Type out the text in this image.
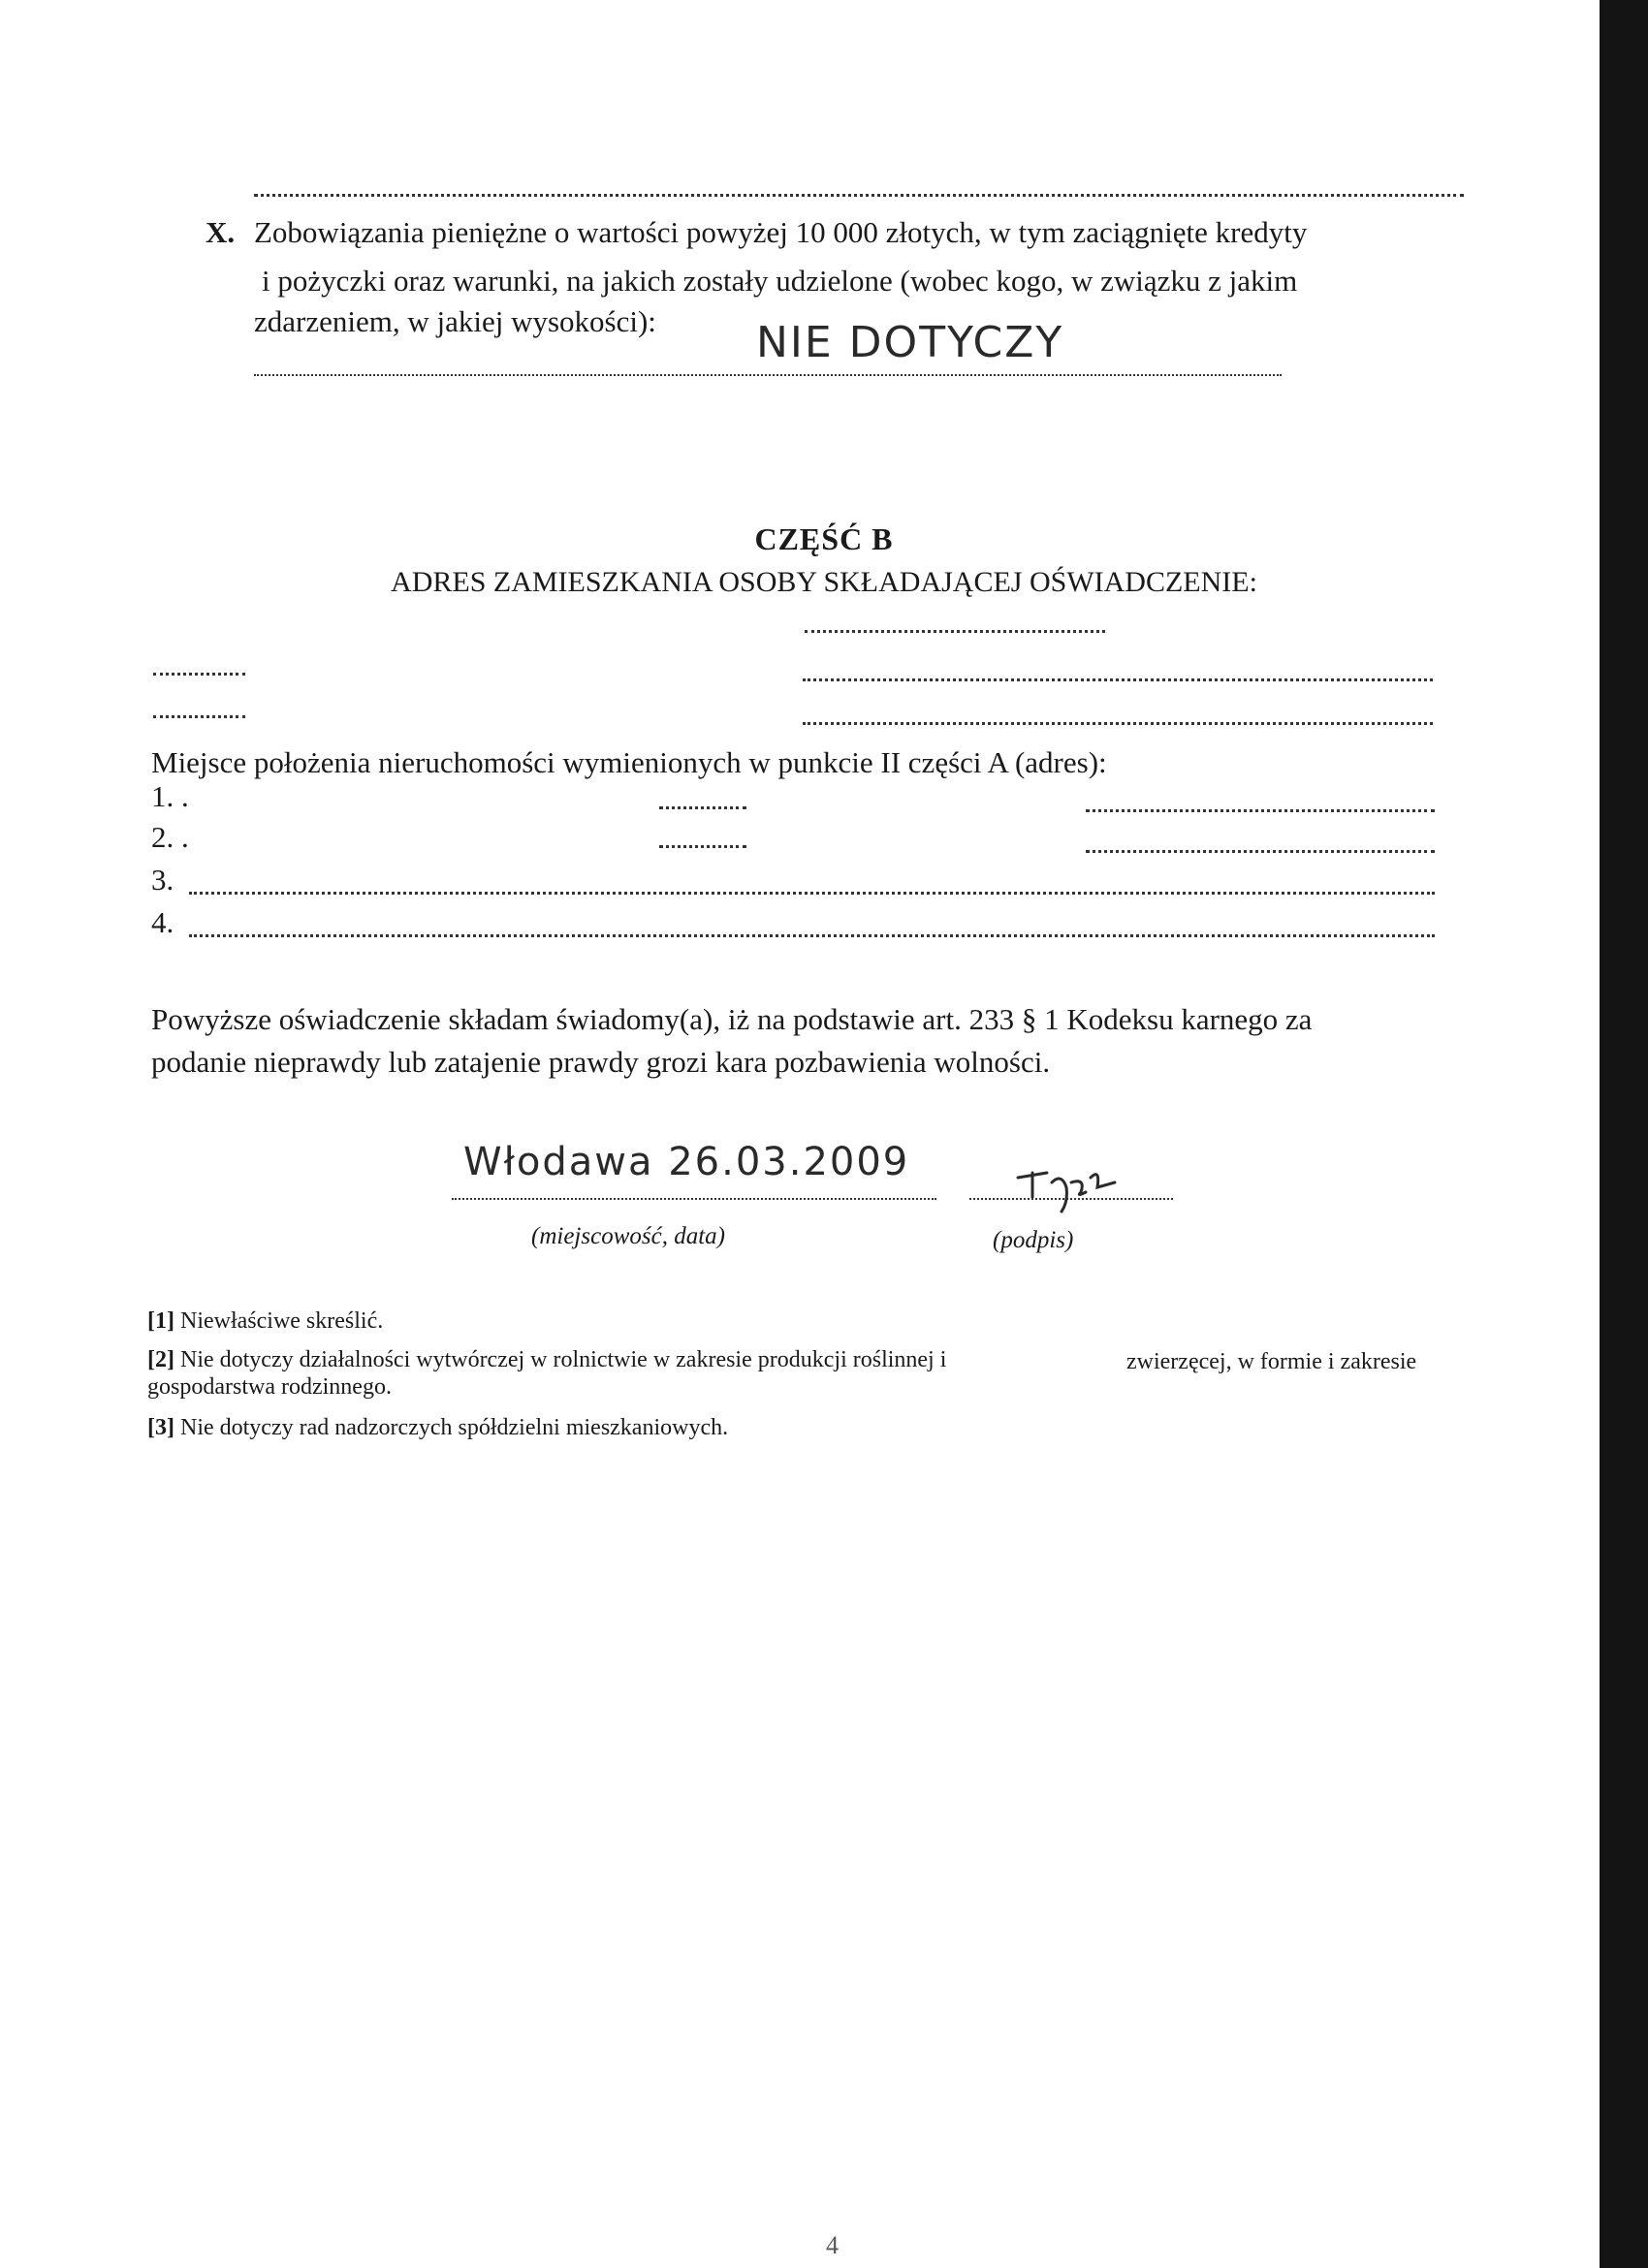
X. Zobowiązania pieniężne o wartości powyżej 10 000 złotych, w tym zaciągnięte kredyty
i pożyczki oraz warunki, na jakich zostały udzielone (wobec kogo, w związku z jakim
zdarzeniem, w jakiej wysokości): NIE DOTYCZY
CZĘŚĆ B
ADRES ZAMIESZKANIA OSOBY SKŁADAJĄCEJ OŚWIADCZENIE:
Miejsce położenia nieruchomości wymienionych w punkcie II części A (adres):
1. .
2. .
3.
4.
Powyższe oświadczenie składam świadomy(a), iż na podstawie art. 233 § 1 Kodeksu karnego za
podanie nieprawdy lub zatajenie prawdy grozi kara pozbawienia wolności.
Włodawa 26.03.2009
(miejscowość, data)	(podpis)
[1] Niewłaściwe skreślić.
[2] Nie dotyczy działalności wytwórczej w rolnictwie w zakresie produkcji roślinnej i	zwierzęcej, w formie i zakresie
gospodarstwa rodzinnego.
[3] Nie dotyczy rad nadzorczych spółdzielni mieszkaniowych.
4
